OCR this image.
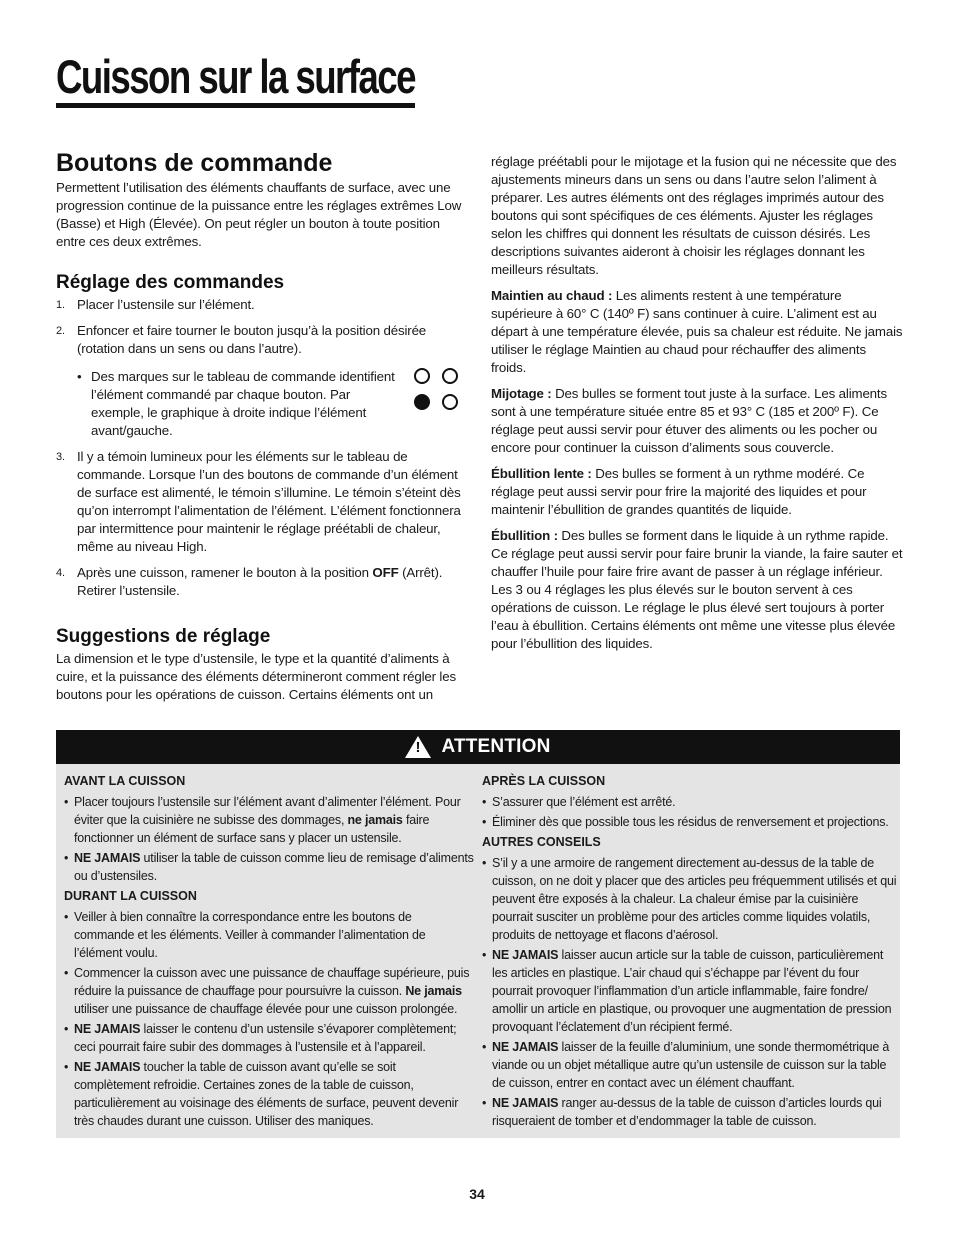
Cuisson sur la surface
Boutons de commande

Permettent l’utilisation des éléments chauffants de surface, avec une progression continue de la puissance entre les réglages extrêmes Low (Basse) et High (Élevée). On peut régler un bouton à toute position entre ces deux extrêmes.

Réglage des commandes
1. Placer l’ustensile sur l’élément.
2. Enfoncer et faire tourner le bouton jusqu’à la position désirée (rotation dans un sens ou dans l’autre).
• Des marques sur le tableau de commande identifient l’élément commandé par chaque bouton. Par exemple, le graphique à droite indique l’élément avant/gauche.
3. Il y a témoin lumineux pour les éléments sur le tableau de commande. Lorsque l’un des boutons de commande d’un élément de surface est alimenté, le témoin s’illumine. Le témoin s’éteint dès qu’on interrompt l’alimentation de l’élément. L’élément fonctionnera par intermittence pour maintenir le réglage préétabli de chaleur, même au niveau High.
4. Après une cuisson, ramener le bouton à la position OFF (Arrêt). Retirer l’ustensile.
Suggestions de réglage

La dimension et le type d’ustensile, le type et la quantité d’aliments à cuire, et la puissance des éléments détermineront comment régler les boutons pour les opérations de cuisson. Certains éléments ont un

réglage préétabli pour le mijotage et la fusion qui ne nécessite que des ajustements mineurs dans un sens ou dans l’autre selon l’aliment à préparer. Les autres éléments ont des réglages imprimés autour des boutons qui sont spécifiques de ces éléments. Ajuster les réglages selon les chiffres qui donnent les résultats de cuisson désirés. Les descriptions suivantes aideront à choisir les réglages donnant les meilleurs résultats.

Maintien au chaud : Les aliments restent à une température supérieure à 60° C (140º F) sans continuer à cuire. L’aliment est au départ à une température élevée, puis sa chaleur est réduite. Ne jamais utiliser le réglage Maintien au chaud pour réchauffer des aliments froids.

Mijotage : Des bulles se forment tout juste à la surface. Les aliments sont à une température située entre 85 et 93° C (185 et 200º F). Ce réglage peut aussi servir pour étuver des aliments ou les pocher ou encore pour continuer la cuisson d’aliments sous couvercle.

Ébullition lente : Des bulles se forment à un rythme modéré. Ce réglage peut aussi servir pour frire la majorité des liquides et pour maintenir l’ébullition de grandes quantités de liquide.

Ébullition : Des bulles se forment dans le liquide à un rythme rapide. Ce réglage peut aussi servir pour faire brunir la viande, la faire sauter et chauffer l’huile pour faire frire avant de passer à un réglage inférieur. Les 3 ou 4 réglages les plus élevés sur le bouton servent à ces opérations de cuisson. Le réglage le plus élevé sert toujours à porter l’eau à ébullition. Certains éléments ont même une vitesse plus élevée pour l’ébullition des liquides.

! ATTENTION

AVANT LA CUISSON

• Placer toujours l’ustensile sur l’élément avant d’alimenter l’élément. Pour éviter que la cuisinière ne subisse des dommages, ne jamais faire fonctionner un élément de surface sans y placer un ustensile.
• NE JAMAIS utiliser la table de cuisson comme lieu de remisage d’aliments ou d’ustensiles.

DURANT LA CUISSON

• Veiller à bien connaître la correspondance entre les boutons de commande et les éléments. Veiller à commander l’alimentation de l’élément voulu.
• Commencer la cuisson avec une puissance de chauffage supérieure, puis réduire la puissance de chauffage pour poursuivre la cuisson. Ne jamais utiliser une puissance de chauffage élevée pour une cuisson prolongée.
• NE JAMAIS laisser le contenu d’un ustensile s’évaporer complètement; ceci pourrait faire subir des dommages à l’ustensile et à l’appareil.
• NE JAMAIS toucher la table de cuisson avant qu’elle se soit complètement refroidie. Certaines zones de la table de cuisson, particulièrement au voisinage des éléments de surface, peuvent devenir très chaudes durant une cuisson. Utiliser des maniques.

APRÈS LA CUISSON

• S’assurer que l’élément est arrêté.
• Éliminer dès que possible tous les résidus de renversement et projections.

AUTRES CONSEILS

• S’il y a une armoire de rangement directement au-dessus de la table de cuisson, on ne doit y placer que des articles peu fréquemment utilisés et qui peuvent être exposés à la chaleur. La chaleur émise par la cuisinière pourrait susciter un problème pour des articles comme liquides volatils, produits de nettoyage et flacons d’aérosol.
• NE JAMAIS laisser aucun article sur la table de cuisson, particulièrement les articles en plastique. L’air chaud qui s’échappe par l’évent du four pourrait provoquer l’inflammation d’un article inflammable, faire fondre/ amollir un article en plastique, ou provoquer une augmentation de pression provoquant l’éclatement d’un récipient fermé.
• NE JAMAIS laisser de la feuille d’aluminium, une sonde thermométrique à viande ou un objet métallique autre qu’un ustensile de cuisson sur la table de cuisson, entrer en contact avec un élément chauffant.
• NE JAMAIS ranger au-dessus de la table de cuisson d’articles lourds qui risqueraient de tomber et d’endommager la table de cuisson.
34
